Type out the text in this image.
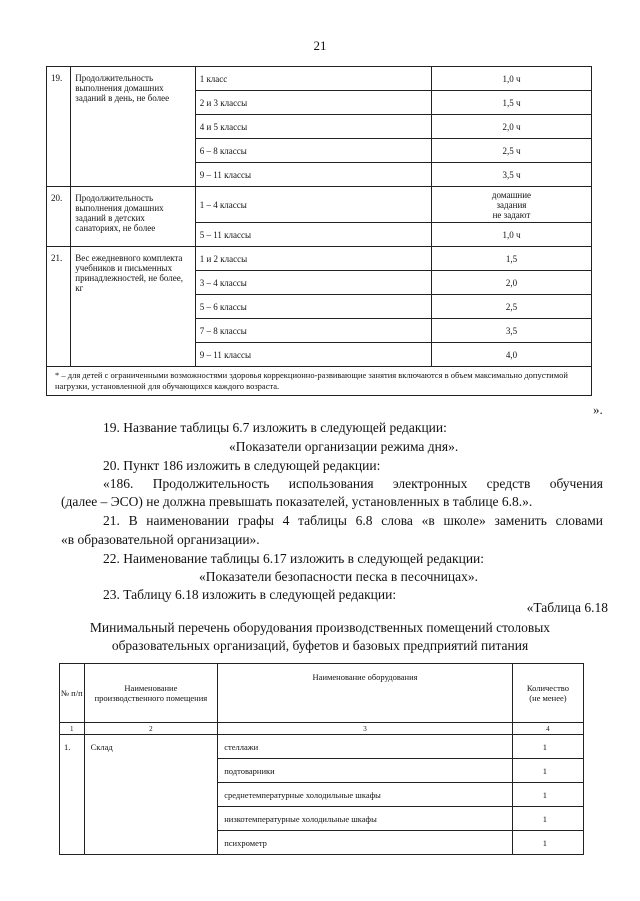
21
19.	Продолжительность выполнения домашних заданий в день, не более	1 класс	1,0 ч
		2 и 3 классы	1,5 ч
		4 и 5 классы	2,0 ч
		6 – 8 классы	2,5 ч
		9 – 11 классы	3,5 ч
20.	Продолжительность выполнения домашних заданий в детских санаториях, не более	1 – 4 классы	домашние задания не задают
		5 – 11 классы	1,0 ч
21.	Вес ежедневного комплекта учебников и письменных принадлежностей, не более, кг	1 и 2 классы	1,5
		3 – 4 классы	2,0
		5 – 6 классы	2,5
		7 – 8 классы	3,5
		9 – 11 классы	4,0
* – для детей с ограниченными возможностями здоровья коррекционно-развивающие занятия включаются в объем максимально допустимой нагрузки, установленной для обучающихся каждого возраста.			
».
19. Название таблицы 6.7 изложить в следующей редакции:
«Показатели организации режима дня».
20. Пункт 186 изложить в следующей редакции:
«186. Продолжительность использования электронных средств обучения
(далее – ЭСО) не должна превышать показателей, установленных в таблице 6.8.».
21. В наименовании графы 4 таблицы 6.8 слова «в школе» заменить словами
«в образовательной организации».
22. Наименование таблицы 6.17 изложить в следующей редакции:
«Показатели безопасности песка в песочницах».
23. Таблицу 6.18 изложить в следующей редакции:
«Таблица 6.18
Минимальный перечень оборудования производственных помещений столовых
образовательных организаций, буфетов и базовых предприятий питания
№ п/п	Наименование производственного помещения	Наименование оборудования	Количество (не менее)
1	2	3	4
1.	Склад	стеллажи	1
		подтоварники	1
		среднетемпературные холодильные шкафы	1
		низкотемпературные холодильные шкафы	1
		психрометр	1
